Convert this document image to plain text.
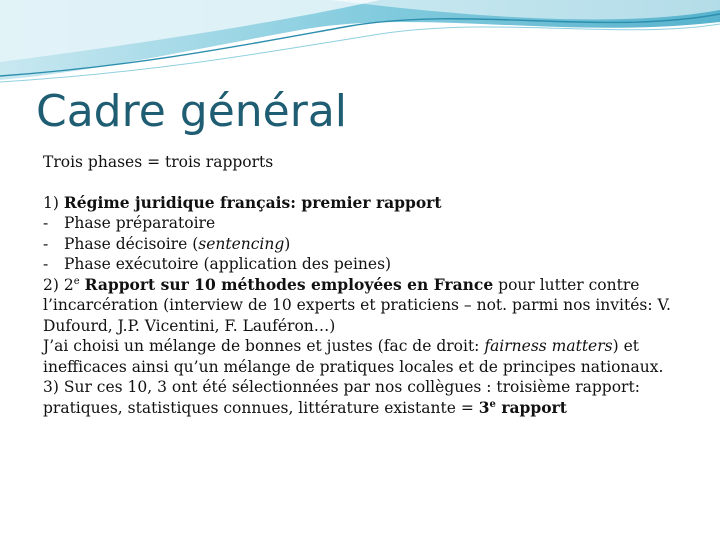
Cadre général

Trois phases = trois rapports

1) Régime juridique français: premier rapport

- Phase préparatoire

- Phase décisoire (sentencing)

- Phase exécutoire (application des peines)

2) 2e Rapport sur 10 méthodes employées en France pour lutter contre l’incarcération (interview de 10 experts et praticiens – not. parmi nos invités: V. Dufourd, J.P. Vicentini, F. Lauféron…)

J’ai choisi un mélange de bonnes et justes (fac de droit: fairness matters) et inefficaces ainsi qu’un mélange de pratiques locales et de principes nationaux.

3) Sur ces 10, 3 ont été sélectionnées par nos collègues : troisième rapport: pratiques, statistiques connues, littérature existante = $3^e$ rapport
